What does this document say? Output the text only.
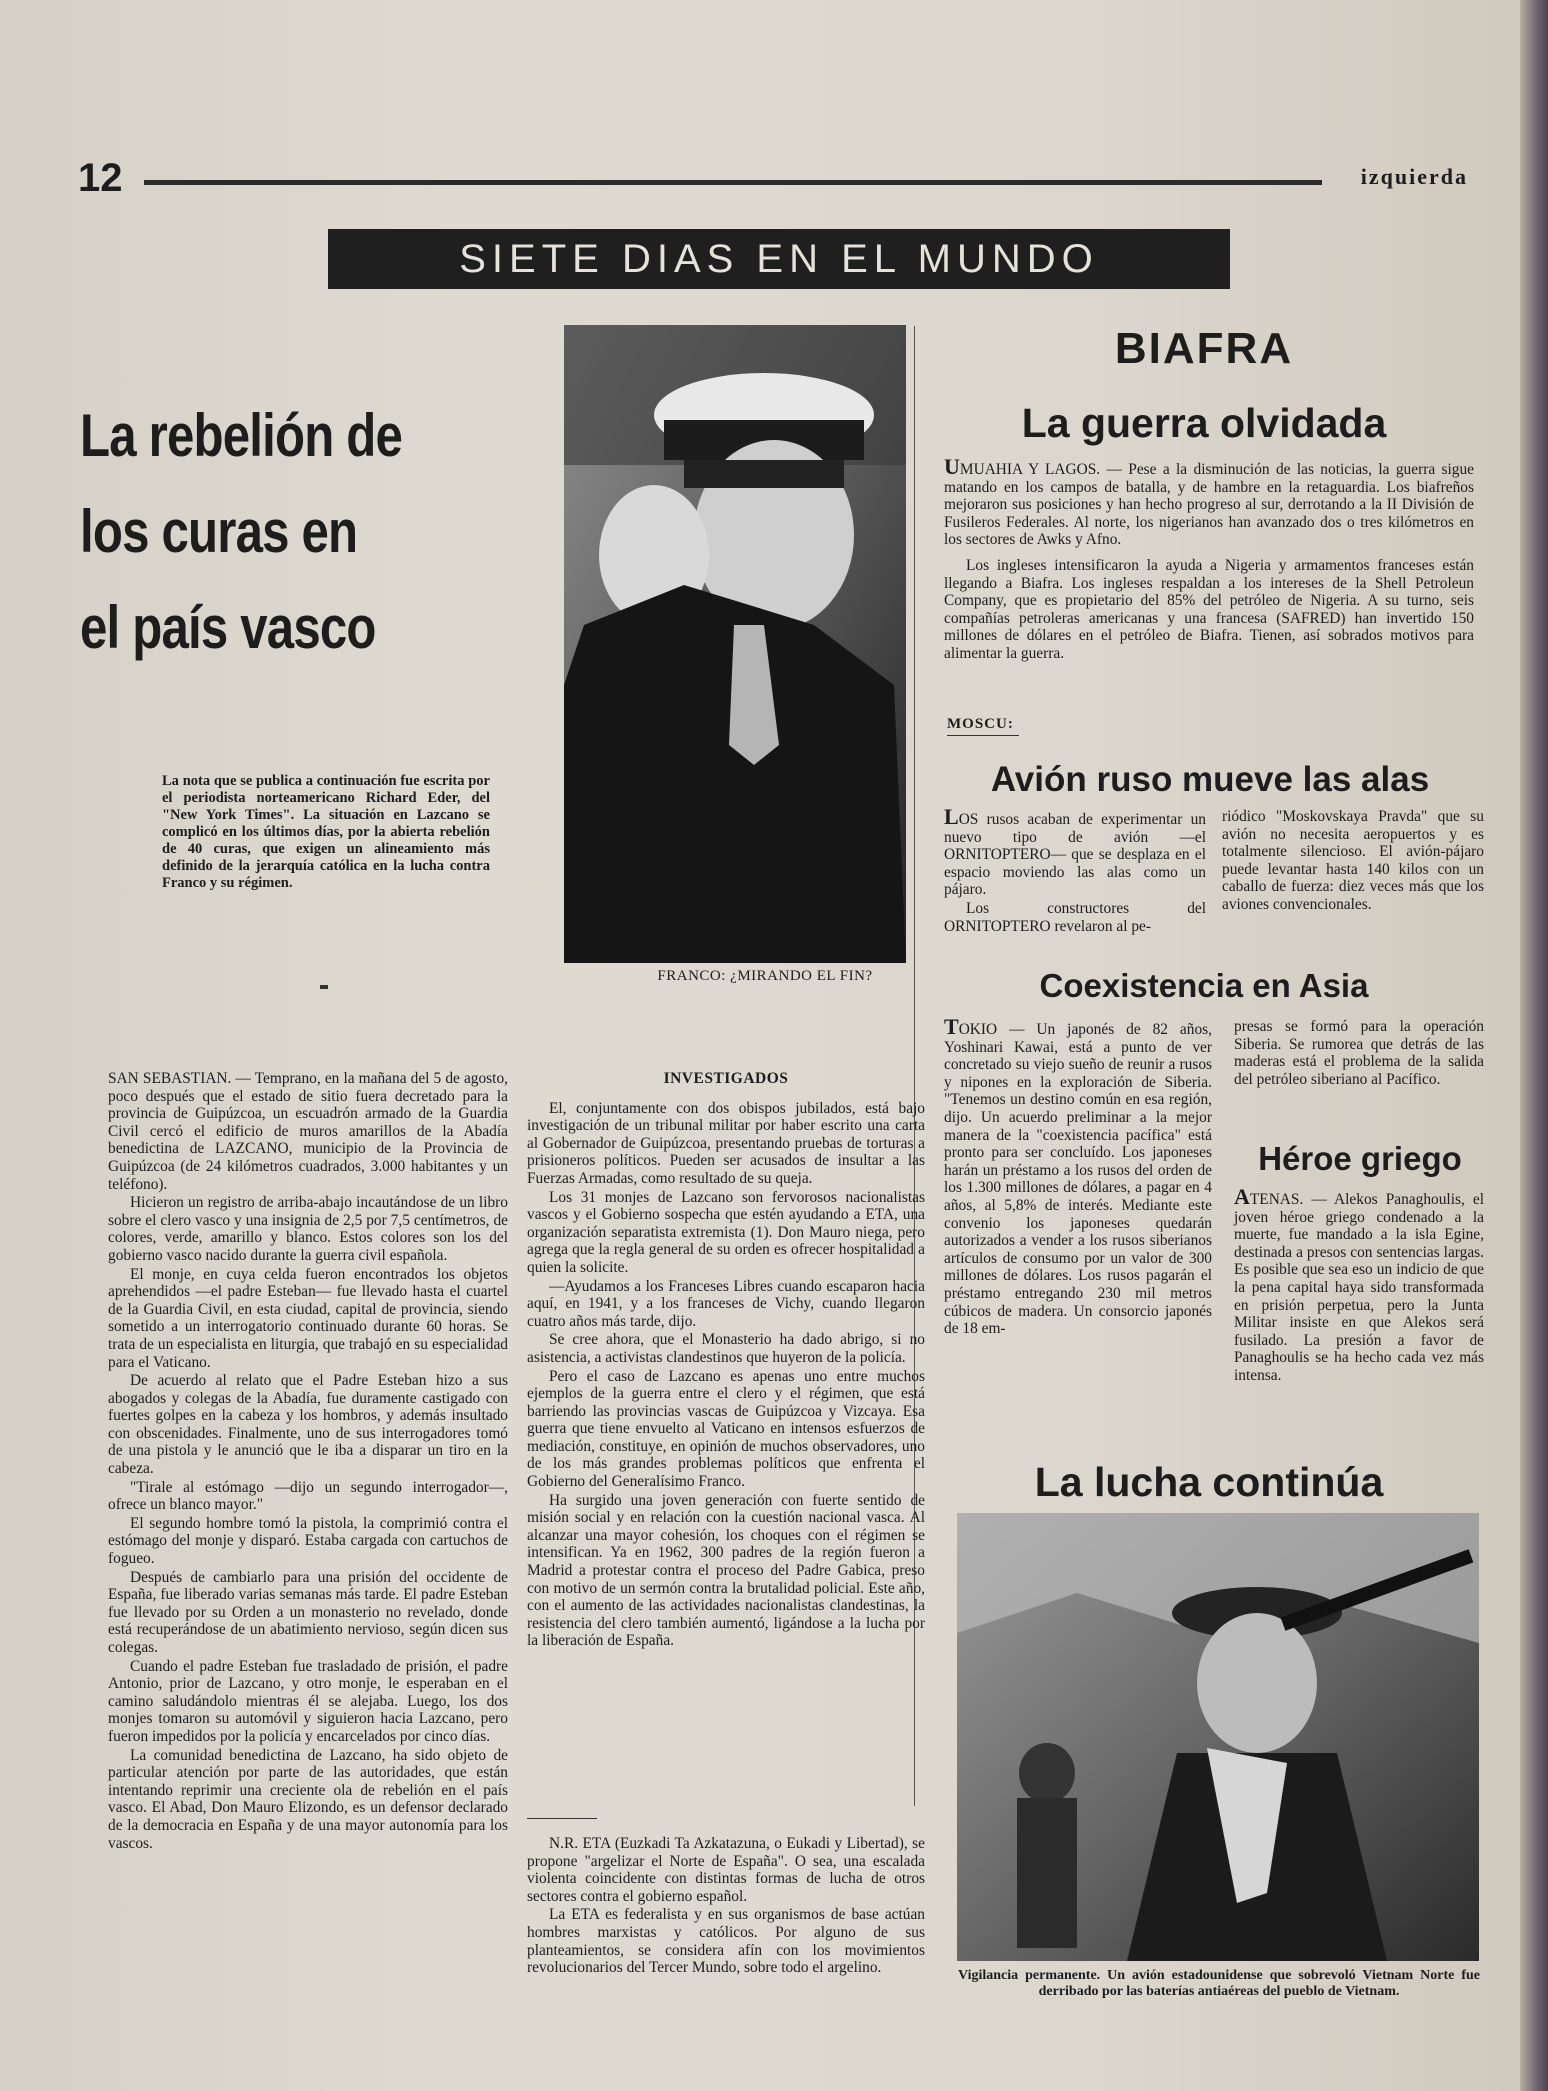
12	izquierda
SIETE DIAS EN EL MUNDO
La rebelión de
los curas en
el país vasco

La nota que se publica a continuación fue escrita por el periodista norteamericano Richard Eder, del "New York Times". La situación en Lazcano se complicó en los últimos días, por la abierta rebelión de 40 curas, que exigen un alineamiento más definido de la jerarquía católica en la lucha contra Franco y su régimen.

FRANCO: ¿MIRANDO EL FIN?

SAN SEBASTIAN. — Temprano, en la mañana del 5 de agosto, poco después que el estado de sitio fuera decretado para la provincia de Guipúzcoa, un escuadrón armado de la Guardia Civil cercó el edificio de muros amarillos de la Abadía benedictina de LAZCANO, municipio de la Provincia de Guipúzcoa (de 24 kilómetros cuadrados, 3.000 habitantes y un teléfono).

Hicieron un registro de arriba-abajo incautándose de un libro sobre el clero vasco y una insignia de 2,5 por 7,5 centímetros, de colores, verde, amarillo y blanco. Estos colores son los del gobierno vasco nacido durante la guerra civil española.

El monje, en cuya celda fueron encontrados los objetos aprehendidos —el padre Esteban— fue llevado hasta el cuartel de la Guardia Civil, en esta ciudad, capital de provincia, siendo sometido a un interrogatorio continuado durante 60 horas. Se trata de un especialista en liturgia, que trabajó en su especialidad para el Vaticano.

De acuerdo al relato que el Padre Esteban hizo a sus abogados y colegas de la Abadía, fue duramente castigado con fuertes golpes en la cabeza y los hombros, y además insultado con obscenidades. Finalmente, uno de sus interrogadores tomó de una pistola y le anunció que le iba a disparar un tiro en la cabeza.

"Tirale al estómago —dijo un segundo interrogador—, ofrece un blanco mayor."

El segundo hombre tomó la pistola, la comprimió contra el estómago del monje y disparó. Estaba cargada con cartuchos de fogueo.

Después de cambiarlo para una prisión del occidente de España, fue liberado varias semanas más tarde. El padre Esteban fue llevado por su Orden a un monasterio no revelado, donde está recuperándose de un abatimiento nervioso, según dicen sus colegas.

Cuando el padre Esteban fue trasladado de prisión, el padre Antonio, prior de Lazcano, y otro monje, le esperaban en el camino saludándolo mientras él se alejaba. Luego, los dos monjes tomaron su automóvil y siguieron hacia Lazcano, pero fueron impedidos por la policía y encarcelados por cinco días.

La comunidad benedictina de Lazcano, ha sido objeto de particular atención por parte de las autoridades, que están intentando reprimir una creciente ola de rebelión en el país vasco. El Abad, Don Mauro Elizondo, es un defensor declarado de la democracia en España y de una mayor autonomía para los vascos.

INVESTIGADOS

El, conjuntamente con dos obispos jubilados, está bajo investigación de un tribunal militar por haber escrito una carta al Gobernador de Guipúzcoa, presentando pruebas de torturas a prisioneros políticos. Pueden ser acusados de insultar a las Fuerzas Armadas, como resultado de su queja.

Los 31 monjes de Lazcano son fervorosos nacionalistas vascos y el Gobierno sospecha que estén ayudando a ETA, una organización separatista extremista (1). Don Mauro niega, pero agrega que la regla general de su orden es ofrecer hospitalidad a quien la solicite.

—Ayudamos a los Franceses Libres cuando escaparon hacia aquí, en 1941, y a los franceses de Vichy, cuando llegaron cuatro años más tarde, dijo.

Se cree ahora, que el Monasterio ha dado abrigo, si no asistencia, a activistas clandestinos que huyeron de la policía.

Pero el caso de Lazcano es apenas uno entre muchos ejemplos de la guerra entre el clero y el régimen, que está barriendo las provincias vascas de Guipúzcoa y Vizcaya. Esa guerra que tiene envuelto al Vaticano en intensos esfuerzos de mediación, constituye, en opinión de muchos observadores, uno de los más grandes problemas políticos que enfrenta el Gobierno del Generalísimo Franco.

Ha surgido una joven generación con fuerte sentido de misión social y en relación con la cuestión nacional vasca. Al alcanzar una mayor cohesión, los choques con el régimen se intensifican. Ya en 1962, 300 padres de la región fueron a Madrid a protestar contra el proceso del Padre Gabica, preso con motivo de un sermón contra la brutalidad policial. Este año, con el aumento de las actividades nacionalistas clandestinas, la resistencia del clero también aumentó, ligándose a la lucha por la liberación de España.

N.R. ETA (Euzkadi Ta Azkatazuna, o Eukadi y Libertad), se propone "argelizar el Norte de España". O sea, una escalada violenta coincidente con distintas formas de lucha de otros sectores contra el gobierno español.

La ETA es federalista y en sus organismos de base actúan hombres marxistas y católicos. Por alguno de sus planteamientos, se considera afín con los movimientos revolucionarios del Tercer Mundo, sobre todo el argelino.

BIAFRA
La guerra olvidada

UMUAHIA Y LAGOS. — Pese a la disminución de las noticias, la guerra sigue matando en los campos de batalla, y de hambre en la retaguardia. Los biafreños mejoraron sus posiciones y han hecho progreso al sur, derrotando a la II División de Fusileros Federales. Al norte, los nigerianos han avanzado dos o tres kilómetros en los sectores de Awks y Afno.

Los ingleses intensificaron la ayuda a Nigeria y armamentos franceses están llegando a Biafra. Los ingleses respaldan a los intereses de la Shell Petroleun Company, que es propietario del 85% del petróleo de Nigeria. A su turno, seis compañías petroleras americanas y una francesa (SAFRED) han invertido 150 millones de dólares en el petróleo de Biafra. Tienen, así sobrados motivos para alimentar la guerra.

MOSCU:
Avión ruso mueve las alas

LOS rusos acaban de experimentar un nuevo tipo de avión —el ORNITOPTERO— que se desplaza en el espacio moviendo las alas como un pájaro.

Los constructores del ORNITOPTERO revelaron al pe-

riódico "Moskovskaya Pravda" que su avión no necesita aeropuertos y es totalmente silencioso. El avión-pájaro puede levantar hasta 140 kilos con un caballo de fuerza: diez veces más que los aviones convencionales.

Coexistencia en Asia

TOKIO — Un japonés de 82 años, Yoshinari Kawai, está a punto de ver concretado su viejo sueño de reunir a rusos y nipones en la exploración de Siberia. "Tenemos un destino común en esa región, dijo. Un acuerdo preliminar a la mejor manera de la "coexistencia pacífica" está pronto para ser concluído. Los japoneses harán un préstamo a los rusos del orden de los 1.300 millones de dólares, a pagar en 4 años, al 5,8% de interés. Mediante este convenio los japoneses quedarán autorizados a vender a los rusos siberianos artículos de consumo por un valor de 300 millones de dólares. Los rusos pagarán el préstamo entregando 230 mil metros cúbicos de madera. Un consorcio japonés de 18 em-

presas se formó para la operación Siberia. Se rumorea que detrás de las maderas está el problema de la salida del petróleo siberiano al Pacífico.

Héroe griego

ATENAS. — Alekos Panaghoulis, el joven héroe griego condenado a la muerte, fue mandado a la isla Egine, destinada a presos con sentencias largas. Es posible que sea eso un indicio de que la pena capital haya sido transformada en prisión perpetua, pero la Junta Militar insiste en que Alekos será fusilado. La presión a favor de Panaghoulis se ha hecho cada vez más intensa.

La lucha continúa
Vigilancia permanente. Un avión estadounidense que sobrevoló Vietnam Norte fue derribado por las baterías antiaéreas del pueblo de Vietnam.
